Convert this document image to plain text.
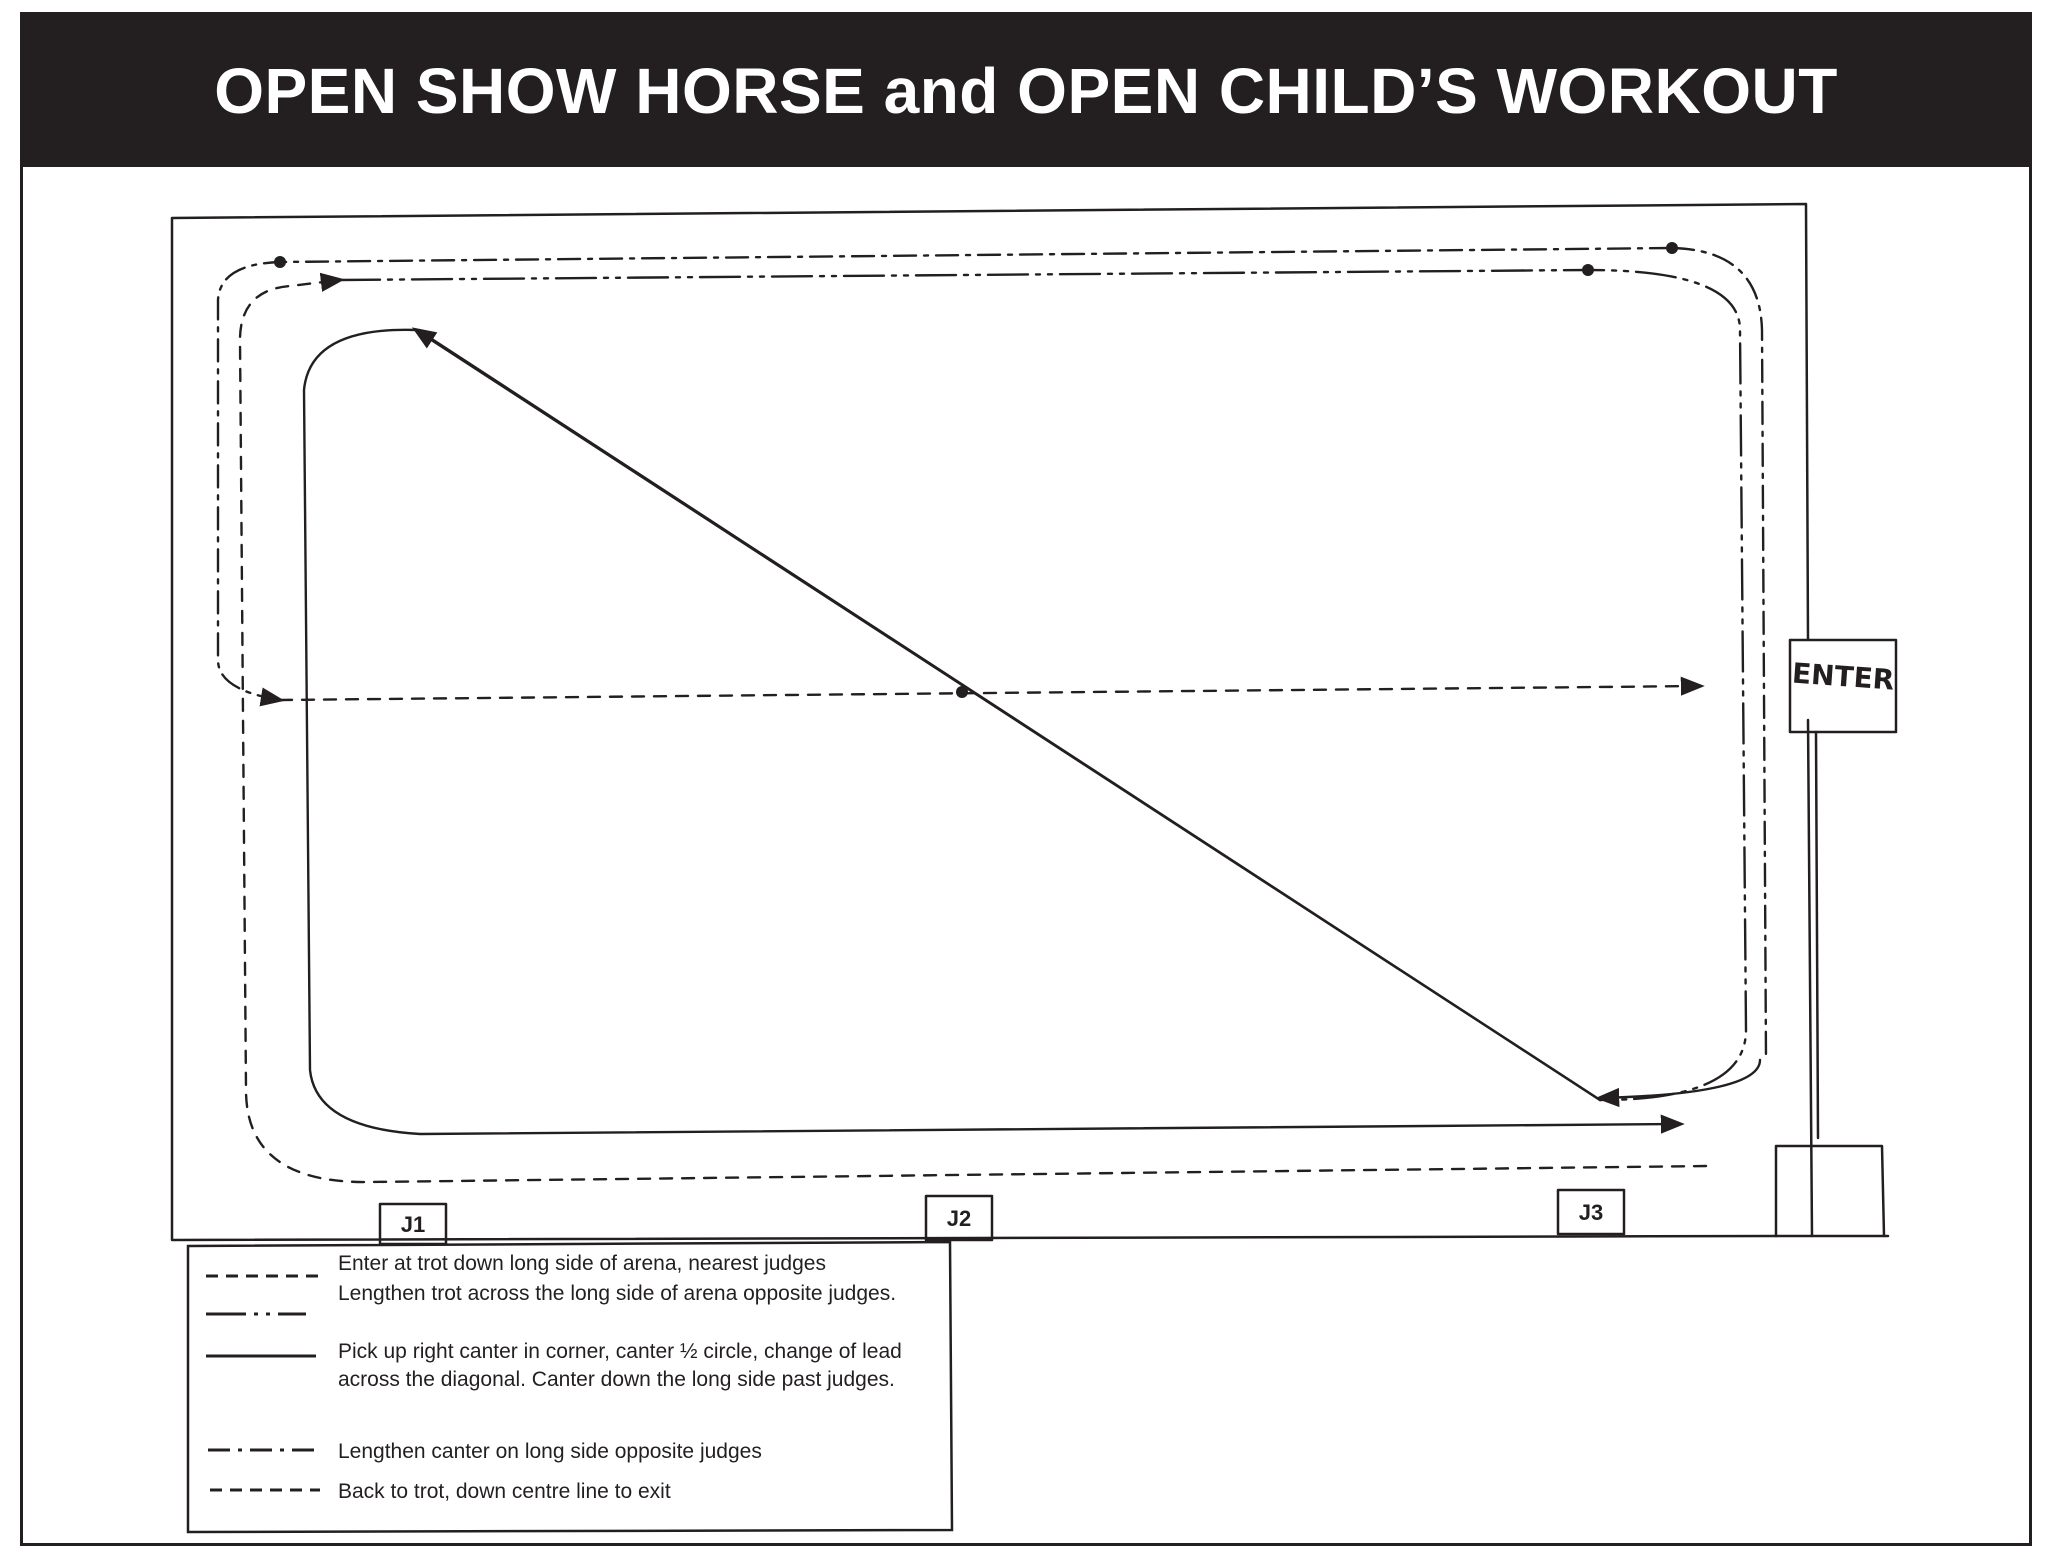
OPEN SHOW HORSE and OPEN CHILD’S WORKOUT
J1	J2	J3
ENTER
Enter at trot down long side of arena, nearest judges
Lengthen trot across the long side of arena opposite judges.
Pick up right canter in corner, canter ½ circle, change of lead across the diagonal. Canter down the long side past judges.
Lengthen canter on long side opposite judges
Back to trot, down centre line to exit
